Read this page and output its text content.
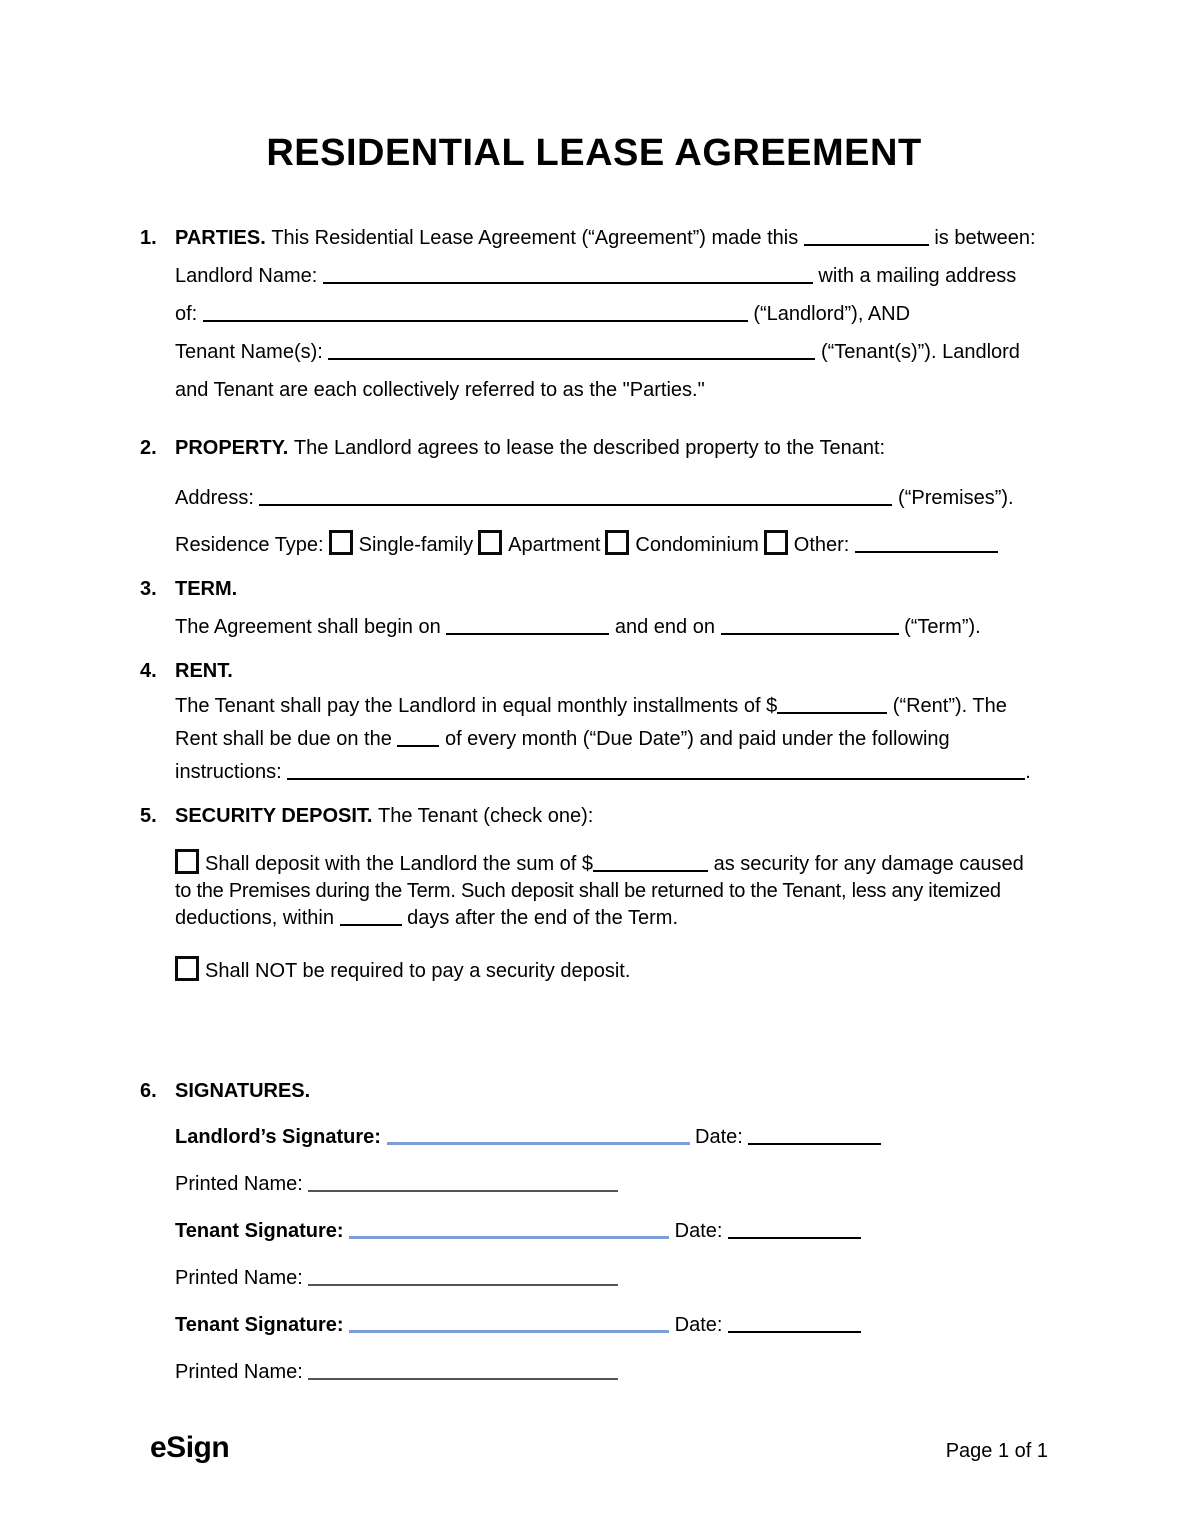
RESIDENTIAL LEASE AGREEMENT
1. PARTIES. This Residential Lease Agreement (“Agreement”) made this	is between:
Landlord Name:	with a mailing address
of:	(“Landlord”), AND
Tenant Name(s):	(“Tenant(s)”). Landlord
and Tenant are each collectively referred to as the "Parties."
2. PROPERTY. The Landlord agrees to lease the described property to the Tenant:
Address:	(“Premises”).
Residence Type: Single-family Apartment Condominium Other:
3. TERM.
The Agreement shall begin on	and end on	(“Term”).
4. RENT.
The Tenant shall pay the Landlord in equal monthly installments of $	(“Rent”). The
Rent shall be due on the  of every month (“Due Date”) and paid under the following
instructions:	.
5. SECURITY DEPOSIT. The Tenant (check one):
Shall deposit with the Landlord the sum of $	as security for any damage caused
to the Premises during the Term. Such deposit shall be returned to the Tenant, less any itemized
deductions, within	days after the end of the Term.
Shall NOT be required to pay a security deposit.
6. SIGNATURES.
Landlord’s Signature:	Date:
Printed Name:
Tenant Signature:	Date:
Printed Name:
Tenant Signature:	Date:
Printed Name:
eSign	Page 1 of 1
